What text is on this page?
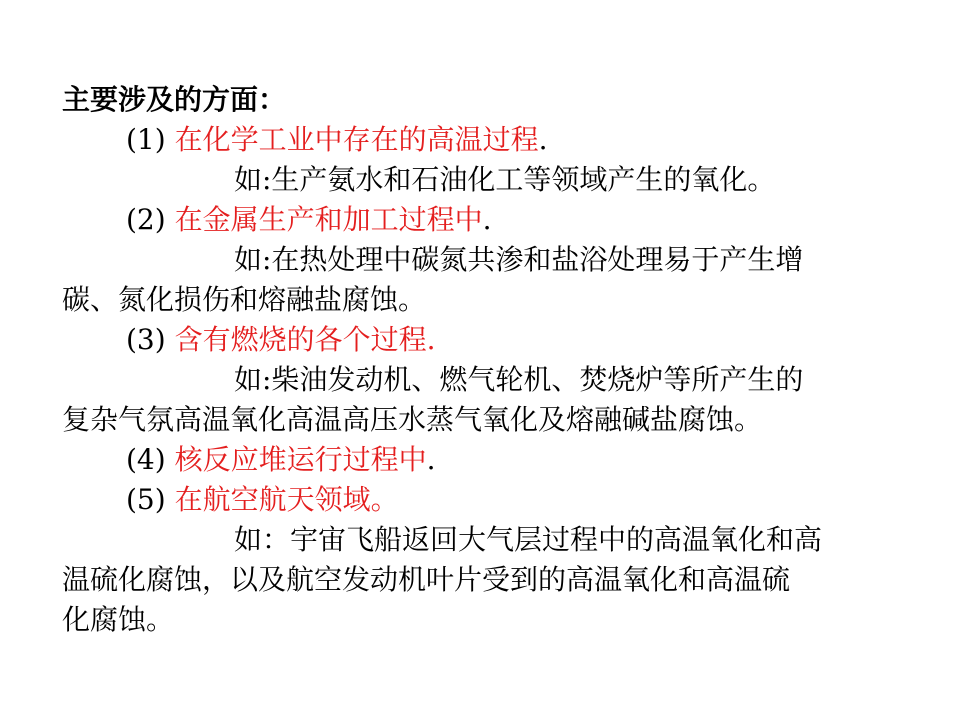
主要涉及的方面：
(1) 在化学工业中存在的高温过程.
如:生产氨水和石油化工等领域产生的氧化。
(2) 在金属生产和加工过程中.
如:在热处理中碳氮共渗和盐浴处理易于产生增
碳、氮化损伤和熔融盐腐蚀。
(3) 含有燃烧的各个过程.
如:柴油发动机、燃气轮机、焚烧炉等所产生的
复杂气氛高温氧化高温高压水蒸气氧化及熔融碱盐腐蚀。
(4) 核反应堆运行过程中.
(5) 在航空航天领域。
如：宇宙飞船返回大气层过程中的高温氧化和高
温硫化腐蚀，以及航空发动机叶片受到的高温氧化和高温硫
化腐蚀。
